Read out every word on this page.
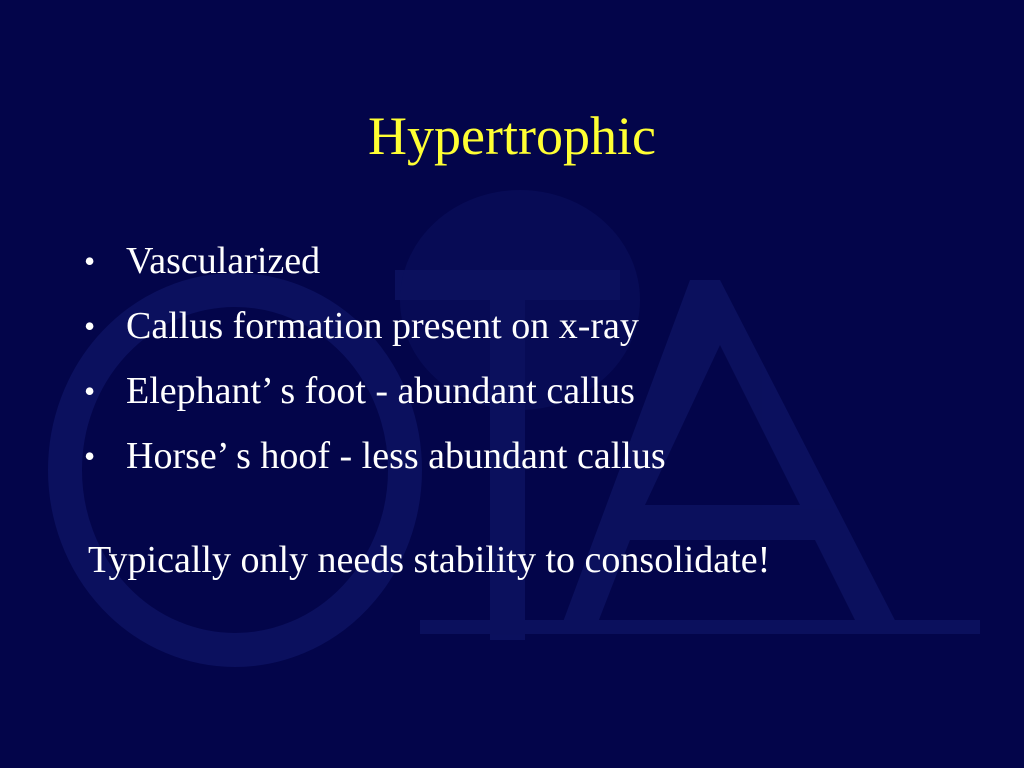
Hypertrophic
• Vascularized
• Callus formation present on x-ray
• Elephant’ s foot - abundant callus
• Horse’ s hoof - less abundant callus

Typically only needs stability to consolidate!
